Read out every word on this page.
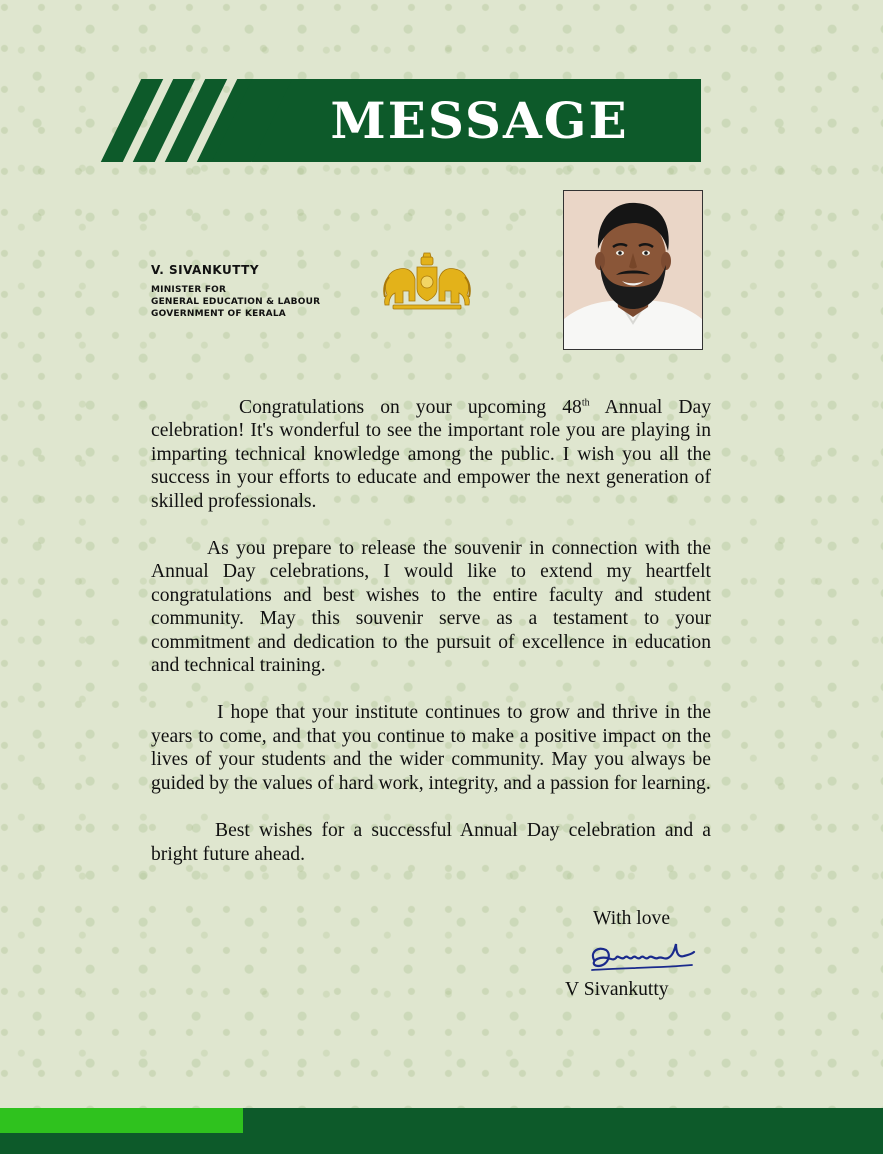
MESSAGE
V. SIVANKUTTY
MINISTER FOR
GENERAL EDUCATION & LABOUR
GOVERNMENT OF KERALA

Congratulations on your upcoming 48th Annual Day celebration! It's wonderful to see the important role you are playing in imparting technical knowledge among the public. I wish you all the success in your efforts to educate and empower the next generation of skilled professionals.

As you prepare to release the souvenir in connection with the Annual Day celebrations, I would like to extend my heartfelt congratulations and best wishes to the entire faculty and student community. May this souvenir serve as a testament to your commitment and dedication to the pursuit of excellence in education and technical training.

I hope that your institute continues to grow and thrive in the years to come, and that you continue to make a positive impact on the lives of your students and the wider community. May you always be guided by the values of hard work, integrity, and a passion for learning.

Best wishes for a successful Annual Day celebration and a bright future ahead.

With love
V Sivankutty
